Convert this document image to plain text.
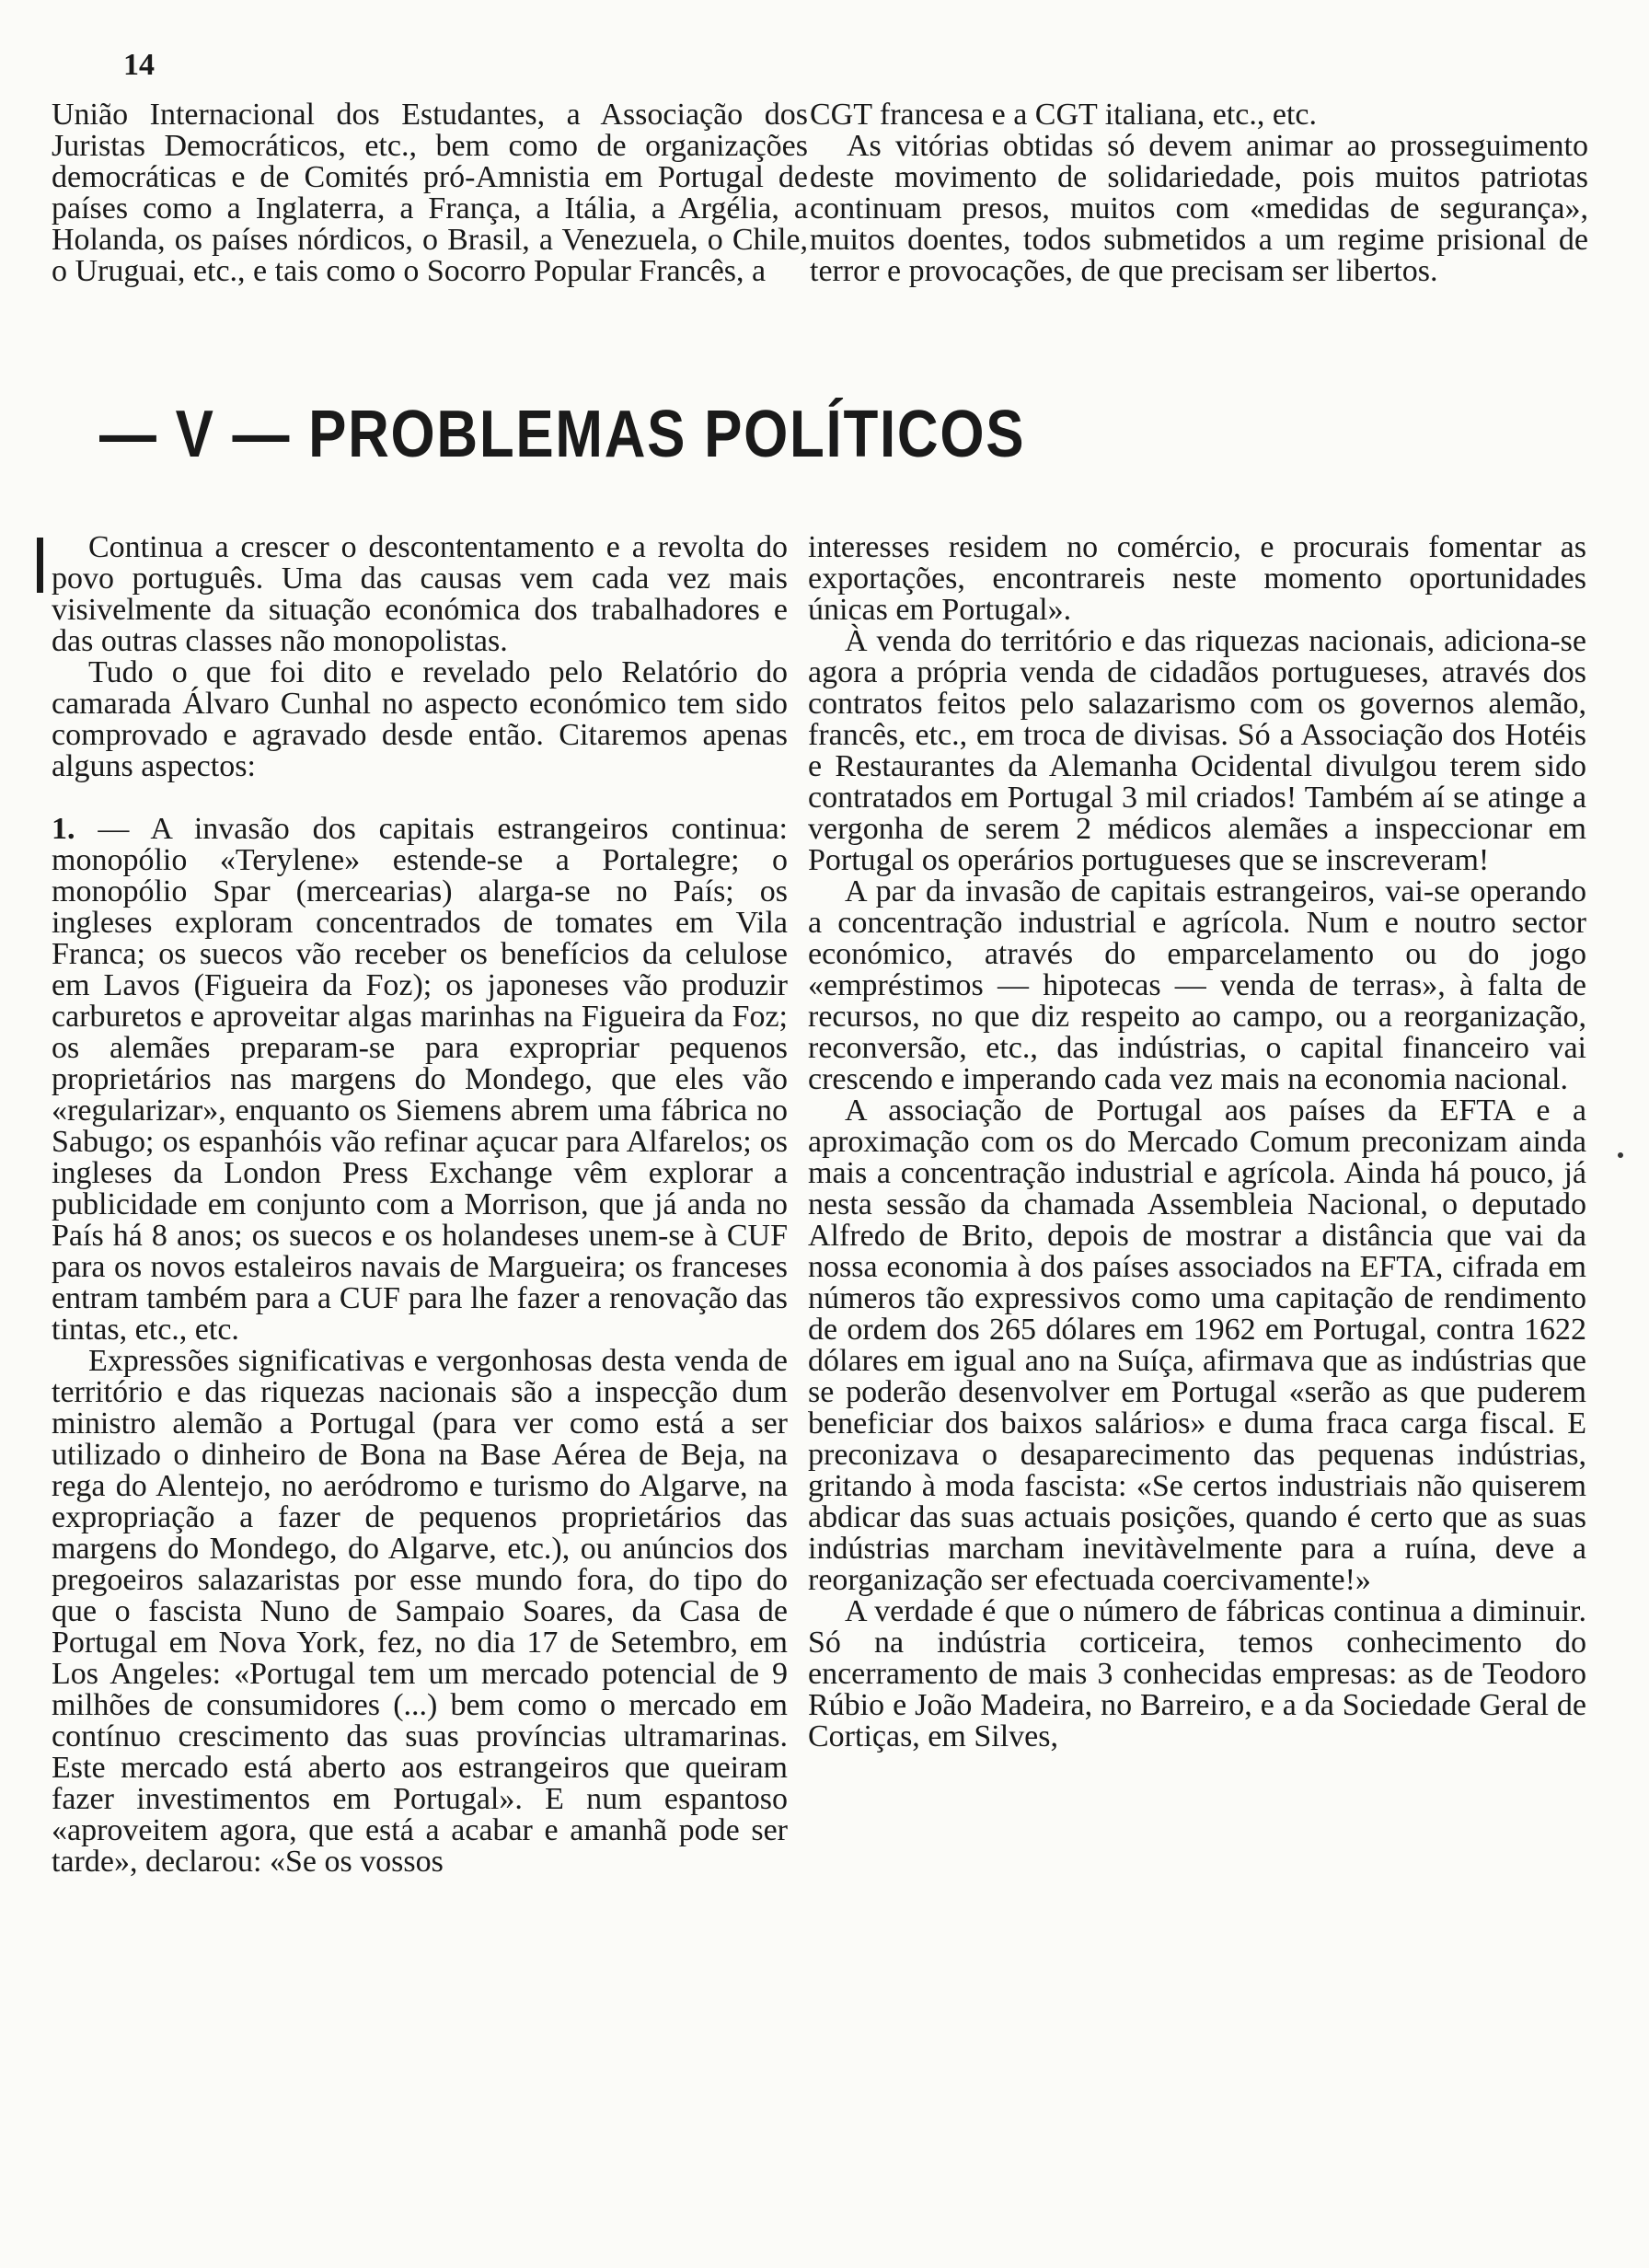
14

União Internacional dos Estudantes, a Associação dos Juristas Democráticos, etc., bem como de organizações democráticas e de Comités pró-Amnistia em Portugal de países como a Inglaterra, a França, a Itália, a Argélia, a Holanda, os países nórdicos, o Brasil, a Venezuela, o Chile, o Uruguai, etc., e tais como o Socorro Popular Francês, a

CGT francesa e a CGT italiana, etc., etc.

As vitórias obtidas só devem animar ao prosseguimento deste movimento de solidariedade, pois muitos patriotas continuam presos, muitos com «medidas de segurança», muitos doentes, todos submetidos a um regime prisional de terror e provocações, de que precisam ser libertos.

— V — PROBLEMAS POLÍTICOS

Continua a crescer o descontentamento e a revolta do povo português. Uma das causas vem cada vez mais visivelmente da situação económica dos trabalhadores e das outras classes não monopolistas.

Tudo o que foi dito e revelado pelo Relatório do camarada Álvaro Cunhal no aspecto económico tem sido comprovado e agravado desde então. Citaremos apenas alguns aspectos:

1. — A invasão dos capitais estrangeiros continua: monopólio «Terylene» estende-se a Portalegre; o monopólio Spar (mercearias) alarga-se no País; os ingleses exploram concentrados de tomates em Vila Franca; os suecos vão receber os benefícios da celulose em Lavos (Figueira da Foz); os japoneses vão produzir carburetos e aproveitar algas marinhas na Figueira da Foz; os alemães preparam-se para expropriar pequenos proprietários nas margens do Mondego, que eles vão «regularizar», enquanto os Siemens abrem uma fábrica no Sabugo; os espanhóis vão refinar açucar para Alfarelos; os ingleses da London Press Exchange vêm explorar a publicidade em conjunto com a Morrison, que já anda no País há 8 anos; os suecos e os holandeses unem-se à CUF para os novos estaleiros navais de Margueira; os franceses entram também para a CUF para lhe fazer a renovação das tintas, etc., etc.

Expressões significativas e vergonhosas desta venda de território e das riquezas nacionais são a inspecção dum ministro alemão a Portugal (para ver como está a ser utilizado o dinheiro de Bona na Base Aérea de Beja, na rega do Alentejo, no aeródromo e turismo do Algarve, na expropriação a fazer de pequenos proprietários das margens do Mondego, do Algarve, etc.), ou anúncios dos pregoeiros salazaristas por esse mundo fora, do tipo do que o fascista Nuno de Sampaio Soares, da Casa de Portugal em Nova York, fez, no dia 17 de Setembro, em Los Angeles: «Portugal tem um mercado potencial de 9 milhões de consumidores (...) bem como o mercado em contínuo crescimento das suas províncias ultramarinas. Este mercado está aberto aos estrangeiros que queiram fazer investimentos em Portugal». E num espantoso «aproveitem agora, que está a acabar e amanhã pode ser tarde», declarou: «Se os vossos

interesses residem no comércio, e procurais fomentar as exportações, encontrareis neste momento oportunidades únicas em Portugal».

À venda do território e das riquezas nacionais, adiciona-se agora a própria venda de cidadãos portugueses, através dos contratos feitos pelo salazarismo com os governos alemão, francês, etc., em troca de divisas. Só a Associação dos Hotéis e Restaurantes da Alemanha Ocidental divulgou terem sido contratados em Portugal 3 mil criados! Também aí se atinge a vergonha de serem 2 médicos alemães a inspeccionar em Portugal os operários portugueses que se inscreveram!

A par da invasão de capitais estrangeiros, vai-se operando a concentração industrial e agrícola. Num e noutro sector económico, através do emparcelamento ou do jogo «empréstimos — hipotecas — venda de terras», à falta de recursos, no que diz respeito ao campo, ou a reorganização, reconversão, etc., das indústrias, o capital financeiro vai crescendo e imperando cada vez mais na economia nacional.

A associação de Portugal aos países da EFTA e a aproximação com os do Mercado Comum preconizam ainda mais a concentração industrial e agrícola. Ainda há pouco, já nesta sessão da chamada Assembleia Nacional, o deputado Alfredo de Brito, depois de mostrar a distância que vai da nossa economia à dos países associados na EFTA, cifrada em números tão expressivos como uma capitação de rendimento de ordem dos 265 dólares em 1962 em Portugal, contra 1622 dólares em igual ano na Suíça, afirmava que as indústrias que se poderão desenvolver em Portugal «serão as que puderem beneficiar dos baixos salários» e duma fraca carga fiscal. E preconizava o desaparecimento das pequenas indústrias, gritando à moda fascista: «Se certos industriais não quiserem abdicar das suas actuais posições, quando é certo que as suas indústrias marcham inevitàvelmente para a ruína, deve a reorganização ser efectuada coercivamente!»

A verdade é que o número de fábricas continua a diminuir. Só na indústria corticeira, temos conhecimento do encerramento de mais 3 conhecidas empresas: as de Teodoro Rúbio e João Madeira, no Barreiro, e a da Sociedade Geral de Cortiças, em Silves,
